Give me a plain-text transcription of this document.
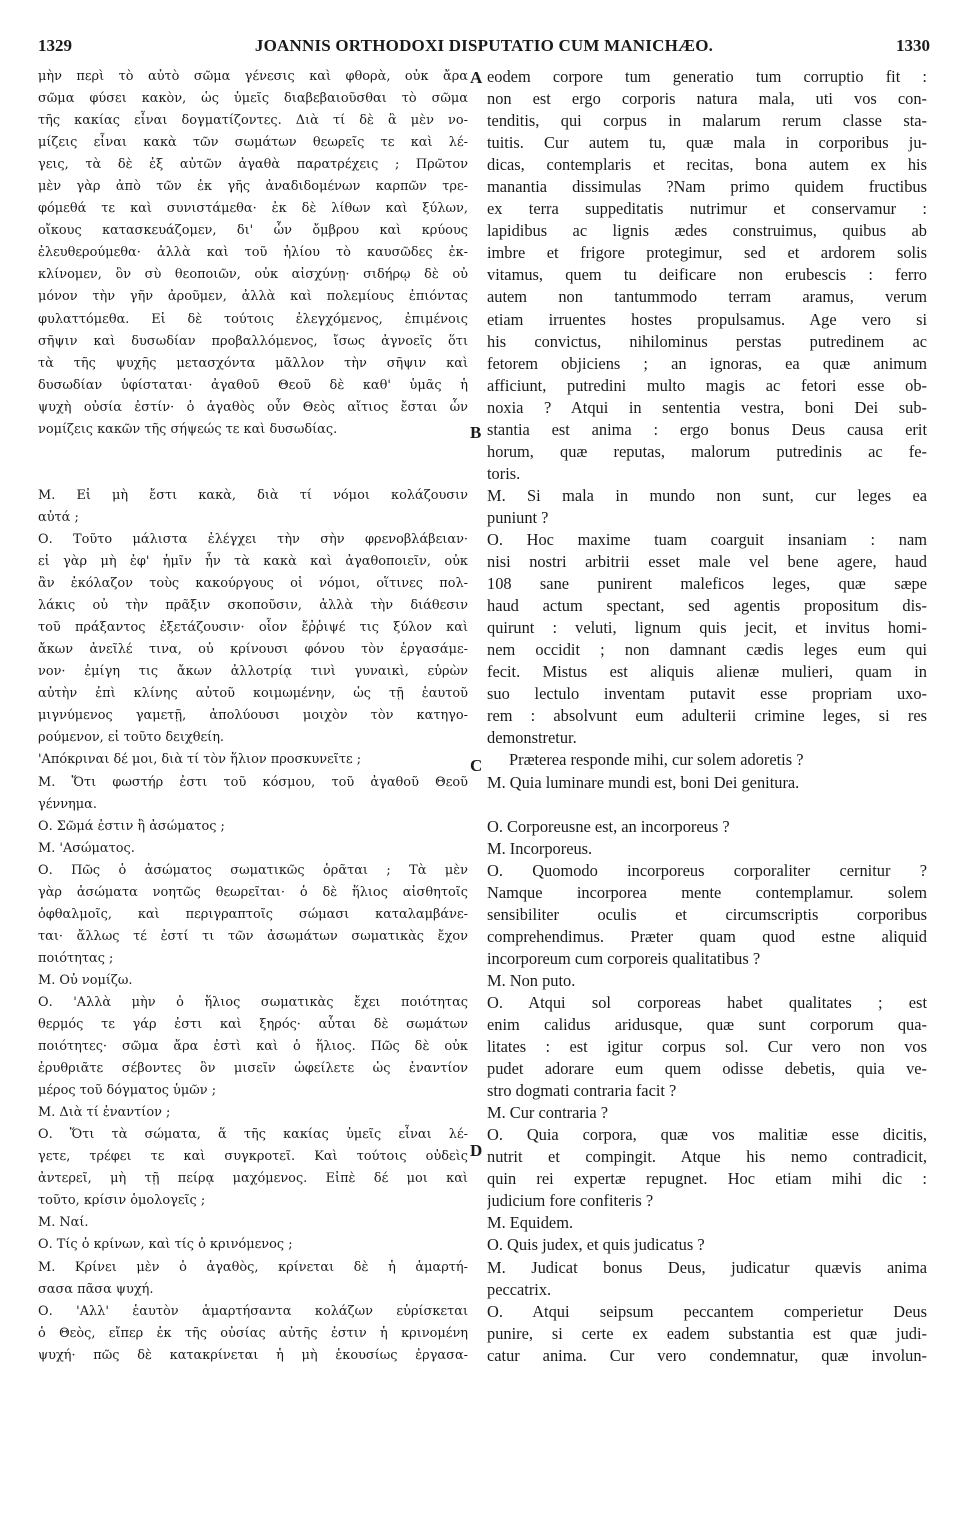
1329	JOANNIS ORTHODOXI DISPUTATIO CUM MANICHÆO.	1330

μὴν περὶ τὸ αὐτὸ σῶμα γένεσις καὶ φθορὰ, οὐκ ἄρα

σῶμα φύσει κακὸν, ὡς ὑμεῖς διαβεβαιοῦσθαι τὸ σῶμα

τῆς κακίας εἶναι δογματίζοντες. Διὰ τί δὲ ἃ μὲν νο-

μίζεις εἶναι κακὰ τῶν σωμάτων θεωρεῖς τε καὶ λέ-

γεις, τὰ δὲ ἐξ αὐτῶν ἀγαθὰ παρατρέχεις ; Πρῶτον

μὲν γὰρ ἀπὸ τῶν ἐκ γῆς ἀναδιδομένων καρπῶν τρε-

φόμεθά τε καὶ συνιστάμεθα· ἐκ δὲ λίθων καὶ ξύλων,

οἴκους κατασκευάζομεν, δι' ὧν ὄμβρου καὶ κρύους

ἐλευθερούμεθα· ἀλλὰ καὶ τοῦ ἡλίου τὸ καυσῶδες ἐκ-

κλίνομεν, ὃν σὺ θεοποιῶν, οὐκ αἰσχύνῃ· σιδήρῳ δὲ οὐ

μόνον τὴν γῆν ἀροῦμεν, ἀλλὰ καὶ πολεμίους ἐπιόντας

φυλαττόμεθα. Εἰ δὲ τούτοις ἐλεγχόμενος, ἐπιμένοις

σῆψιν καὶ δυσωδίαν προβαλλόμενος, ἴσως ἀγνοεῖς ὅτι

τὰ τῆς ψυχῆς μετασχόντα μᾶλλον τὴν σῆψιν καὶ

δυσωδίαν ὑφίσταται· ἀγαθοῦ Θεοῦ δὲ καθ' ὑμᾶς ἡ

ψυχὴ οὐσία ἐστίν· ὁ ἀγαθὸς οὖν Θεὸς αἴτιος ἔσται ὧν

νομίζεις κακῶν τῆς σήψεώς τε καὶ δυσωδίας.

Μ. Εἰ μὴ ἔστι κακὰ, διὰ τί νόμοι κολάζουσιν

αὐτά ;

Ο. Τοῦτο μάλιστα ἐλέγχει τὴν σὴν φρενοβλάβειαν·

εἰ γὰρ μὴ ἐφ' ἡμῖν ἦν τὰ κακὰ καὶ ἀγαθοποιεῖν, οὐκ

ἂν ἐκόλαζον τοὺς κακούργους οἱ νόμοι, οἵτινες πολ-

λάκις οὐ τὴν πρᾶξιν σκοποῦσιν, ἀλλὰ τὴν διάθεσιν

τοῦ πράξαντος ἐξετάζουσιν· οἷον ἔῤῥιψέ τις ξύλον καὶ

ἄκων ἀνεῖλέ τινα, οὐ κρίνουσι φόνου τὸν ἐργασάμε-

νον· ἐμίγη τις ἄκων ἀλλοτρίᾳ τινὶ γυναικὶ, εὑρὼν

αὐτὴν ἐπὶ κλίνης αὐτοῦ κοιμωμένην, ὡς τῇ ἑαυτοῦ

μιγνύμενος γαμετῇ, ἀπολύουσι μοιχὸν τὸν κατηγο-

ρούμενον, εἰ τοῦτο δειχθείη.

'Απόκριναι δέ μοι, διὰ τί τὸν ἥλιον προσκυνεῖτε ;

Μ. Ὅτι φωστήρ ἐστι τοῦ κόσμου, τοῦ ἀγαθοῦ Θεοῦ

γέννημα.

Ο. Σῶμά ἐστιν ἢ ἀσώματος ;

Μ. 'Ασώματος.

Ο. Πῶς ὁ ἀσώματος σωματικῶς ὁρᾶται ; Τὰ μὲν

γὰρ ἀσώματα νοητῶς θεωρεῖται· ὁ δὲ ἥλιος αἰσθητοῖς

ὀφθαλμοῖς, καὶ περιγραπτοῖς σώμασι καταλαμβάνε-

ται· ἄλλως τέ ἐστί τι τῶν ἀσωμάτων σωματικὰς ἔχον

ποιότητας ;

Μ. Οὐ νομίζω.

Ο. 'Αλλὰ μὴν ὁ ἥλιος σωματικὰς ἔχει ποιότητας

θερμός τε γάρ ἐστι καὶ ξηρός· αὗται δὲ σωμάτων

ποιότητες· σῶμα ἄρα ἐστὶ καὶ ὁ ἥλιος. Πῶς δὲ οὐκ

ἐρυθριᾶτε σέβοντες ὃν μισεῖν ὠφείλετε ὡς ἐναντίον

μέρος τοῦ δόγματος ὑμῶν ;

Μ. Διὰ τί ἐναντίον ;

Ο. Ὅτι τὰ σώματα, ἅ τῆς κακίας ὑμεῖς εἶναι λέ-

γετε, τρέφει τε καὶ συγκροτεῖ. Καὶ τούτοις οὐδεὶς

ἀντερεῖ, μὴ τῇ πείρᾳ μαχόμενος. Εἰπὲ δέ μοι καὶ

τοῦτο, κρίσιν ὁμολογεῖς ;

Μ. Ναί.

Ο. Τίς ὁ κρίνων, καὶ τίς ὁ κρινόμενος ;

Μ. Κρίνει μὲν ὁ ἀγαθὸς, κρίνεται δὲ ἡ ἁμαρτή-

σασα πᾶσα ψυχή.

Ο. 'Αλλ' ἑαυτὸν ἁμαρτήσαντα κολάζων εὑρίσκεται

ὁ Θεὸς, εἴπερ ἐκ τῆς οὐσίας αὐτῆς ἐστιν ἡ κρινομένη

ψυχή· πῶς δὲ κατακρίνεται ἡ μὴ ἑκουσίως ἐργασα-

eodem corpore tum generatio tum corruptio fit :

non est ergo corporis natura mala, uti vos con-

tenditis, qui corpus in malarum rerum classe sta-

tuitis. Cur autem tu, quæ mala in corporibus ju-

dicas, contemplaris et recitas, bona autem ex his

manantia dissimulas ?Nam primo quidem fructibus

ex terra suppeditatis nutrimur et conservamur :

lapidibus ac lignis ædes construimus, quibus ab

imbre et frigore protegimur, sed et ardorem solis

vitamus, quem tu deificare non erubescis : ferro

autem non tantummodo terram aramus, verum

etiam irruentes hostes propulsamus. Age vero si

his convictus, nihilominus perstas putredinem ac

fetorem objiciens ; an ignoras, ea quæ animum

afficiunt, putredini multo magis ac fetori esse ob-

noxia ? Atqui in sententia vestra, boni Dei sub-

stantia est anima : ergo bonus Deus causa erit

horum, quæ reputas, malorum putredinis ac fe-

toris.

M. Si mala in mundo non sunt, cur leges ea

puniunt ?

O. Hoc maxime tuam coarguit insaniam : nam

nisi nostri arbitrii esset male vel bene agere, haud

108 sane punirent maleficos leges, quæ sæpe

haud actum spectant, sed agentis propositum dis-

quirunt : veluti, lignum quis jecit, et invitus homi-

nem occidit ; non damnant cædis leges eum qui

fecit. Mistus est aliquis alienæ mulieri, quam in

suo lectulo inventam putavit esse propriam uxo-

rem : absolvunt eum adulterii crimine leges, si res

demonstretur.

Præterea responde mihi, cur solem adoretis ?

M. Quia luminare mundi est, boni Dei genitura.

O. Corporeusne est, an incorporeus ?

M. Incorporeus.

O. Quomodo incorporeus corporaliter cernitur ?

Namque incorporea mente contemplamur. solem

sensibiliter oculis et circumscriptis corporibus

comprehendimus. Præter quam quod estne aliquid

incorporeum cum corporeis qualitatibus ?

M. Non puto.

O. Atqui sol corporeas habet qualitates ; est

enim calidus aridusque, quæ sunt corporum qua-

litates : est igitur corpus sol. Cur vero non vos

pudet adorare eum quem odisse debetis, quia ve-

stro dogmati contraria facit ?

M. Cur contraria ?

O. Quia corpora, quæ vos malitiæ esse dicitis,

nutrit et compingit. Atque his nemo contradicit,

quin rei expertæ repugnet. Hoc etiam mihi dic :

judicium fore confiteris ?

M. Equidem.

O. Quis judex, et quis judicatus ?

M. Judicat bonus Deus, judicatur quævis anima

peccatrix.

O. Atqui seipsum peccantem comperietur Deus

punire, si certe ex eadem substantia est quæ judi-

catur anima. Cur vero condemnatur, quæ involun-

A
B
C
D
